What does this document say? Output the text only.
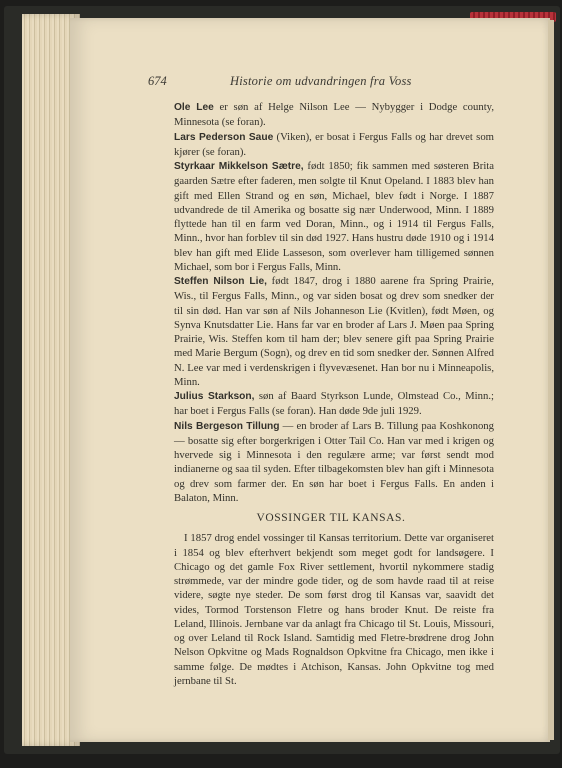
674	Historie om udvandringen fra Voss

Ole Lee er søn af Helge Nilson Lee — Nybygger i Dodge county, Minnesota (se foran).

Lars Pederson Saue (Viken), er bosat i Fergus Falls og har drevet som kjører (se foran).

Styrkaar Mikkelson Sætre, født 1850; fik sammen med søsteren Brita gaarden Sætre efter faderen, men solgte til Knut Opeland. I 1883 blev han gift med Ellen Strand og en søn, Michael, blev født i Norge. I 1887 udvandrede de til Amerika og bosatte sig nær Underwood, Minn. I 1889 flyttede han til en farm ved Doran, Minn., og i 1914 til Fergus Falls, Minn., hvor han forblev til sin død 1927. Hans hustru døde 1910 og i 1914 blev han gift med Elide Lasseson, som overlever ham tilligemed sønnen Michael, som bor i Fergus Falls, Minn.

Steffen Nilson Lie, født 1847, drog i 1880 aarene fra Spring Prairie, Wis., til Fergus Falls, Minn., og var siden bosat og drev som snedker der til sin død. Han var søn af Nils Johanneson Lie (Kvitlen), født Møen, og Synva Knutsdatter Lie. Hans far var en broder af Lars J. Møen paa Spring Prairie, Wis. Steffen kom til ham der; blev senere gift paa Spring Prairie med Marie Bergum (Sogn), og drev en tid som snedker der. Sønnen Alfred N. Lee var med i verdenskrigen i flyvevæsenet. Han bor nu i Minneapolis, Minn.

Julius Starkson, søn af Baard Styrkson Lunde, Olmstead Co., Minn.; har boet i Fergus Falls (se foran). Han døde 9de juli 1929.

Nils Bergeson Tillung — en broder af Lars B. Tillung paa Koshkonong — bosatte sig efter borgerkrigen i Otter Tail Co. Han var med i krigen og hvervede sig i Minnesota i den regulære arme; var først sendt mod indianerne og saa til syden. Efter tilbagekomsten blev han gift i Minnesota og drev som farmer der. En søn har boet i Fergus Falls. En anden i Balaton, Minn.

VOSSINGER TIL KANSAS.

I 1857 drog endel vossinger til Kansas territorium. Dette var organiseret i 1854 og blev efterhvert bekjendt som meget godt for landsøgere. I Chicago og det gamle Fox River settlement, hvortil nykommere stadig strømmede, var der mindre gode tider, og de som havde raad til at reise videre, søgte nye steder. De som først drog til Kansas var, saavidt det vides, Tormod Torstenson Fletre og hans broder Knut. De reiste fra Leland, Illinois. Jernbane var da anlagt fra Chicago til St. Louis, Missouri, og over Leland til Rock Island. Samtidig med Fletre-brødrene drog John Nelson Opkvitne og Mads Rognaldson Opkvitne fra Chicago, men ikke i samme følge. De mødtes i Atchison, Kansas. John Opkvitne tog med jernbane til St.
